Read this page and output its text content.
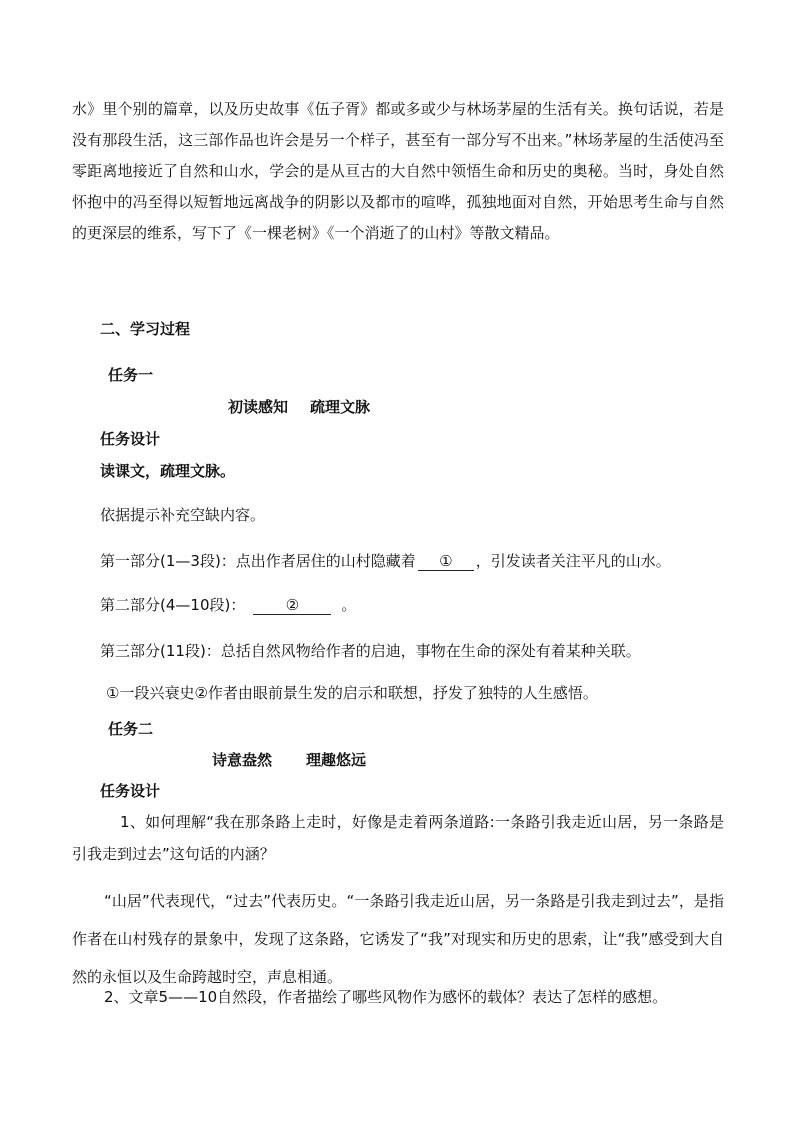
水》里个别的篇章，以及历史故事《伍子胥》都或多或少与林场茅屋的生活有关。换句话说，若是没有那段生活，这三部作品也许会是另一个样子，甚至有一部分写不出来。”林场茅屋的生活使冯至零距离地接近了自然和山水，学会的是从亘古的大自然中领悟生命和历史的奥秘。当时，身处自然怀抱中的冯至得以短暂地远离战争的阴影以及都市的喧哗，孤独地面对自然，开始思考生命与自然的更深层的维系，写下了《一棵老树》《一个消逝了的山村》等散文精品。

二、学习过程

任务一

初读感知 疏理文脉

任务设计

读课文，疏理文脉。

依据提示补充空缺内容。

第一部分(1—3段)：点出作者居住的山村隐藏着 ① ，引发读者关注平凡的山水。

第二部分(4—10段)：	②	。

第三部分(11段)：总括自然风物给作者的启迪，事物在生命的深处有着某种关联。

①一段兴衰史②作者由眼前景生发的启示和联想，抒发了独特的人生感悟。

任务二

诗意盎然 理趣悠远

任务设计

1、如何理解“我在那条路上走时，好像是走着两条道路:一条路引我走近山居，另一条路是引我走到过去”这句话的内涵？

“山居”代表现代，“过去”代表历史。“一条路引我走近山居，另一条路是引我走到过去”，是指作者在山村残存的景象中，发现了这条路，它诱发了“我”对现实和历史的思索，让“我”感受到大自然的永恒以及生命跨越时空，声息相通。

2、文章5——10自然段，作者描绘了哪些风物作为感怀的载体？表达了怎样的感想。
